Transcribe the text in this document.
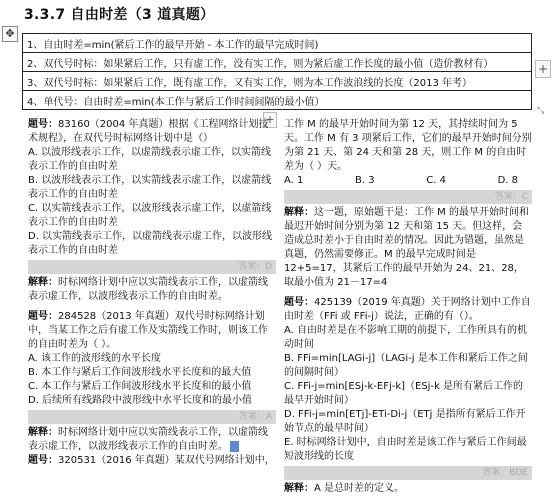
✥
3.3.7 自由时差（3 道真题）
1、自由时差=min(紧后工作的最早开始 - 本工作的最早完成时间)
2、双代号时标：如果紧后工作，只有虚工作，没有实工作，则为紧后虚工作长度的最小值（造价教材有）
3、双代号时标：如果紧后工作，既有虚工作，又有实工作，则为本工作波浪线的长度（2013 年考）
4、单代号：自由时差=min(本工作与紧后工作时间间隔的最小值）
+
+
⤡

题号：83160（2004 年真题）根据《工程网络计划技术规程》，在双代号时标网络计划中是（）

A. 以波形线表示工作，以虚箭线表示虚工作，以实箭线表示工作的自由时差

B. 以波形线表示工作，以实箭线表示虚工作，以虚箭线表示工作的自由时差

C. 以实箭线表示工作，以波形线表示虚工作，以虚箭线表示工作的自由时差

D. 以实箭线表示工作，以虚箭线表示虚工作，以波形线表示工作的自由时差

答案：D

解释：时标网络计划中应以实箭线表示工作，以虚箭线表示虚工作，以波形线表示工作的自由时差。

题号：284528（2013 年真题）双代号时标网络计划中，当某工作之后有虚工作及实箭线工作时，则该工作的自由时差为（ ）。

A. 该工作的波形线的水平长度

B. 本工作与紧后工作间波形线水平长度和的最大值

C. 本工作与紧后工作间波形线水平长度和的最小值

D. 后续所有线路段中波形线中水平长度和的最小值

答案：A

解释：时标网络计划中应以实箭线表示工作，以虚箭线表示虚工作，以波形线表示工作的自由时差。

题号：320531（2016 年真题）某双代号网络计划中，

工作 M 的最早开始时间为第 12 天，其持续时间为 5 天。工作 M 有 3 项紧后工作，它们的最早开始时间分别为第 21 天、第 24 天和第 28 天，则工作 M 的自由时差为（ ）天。

A. 1	B. 3	C. 4	D. 8
答案：C

解释：这一题，原始题干是：工作 M 的最早开始时间和最迟开始时间分别为第 12 天和第 15 天。但这样，会造成总时差小于自由时差的情况。因此为错题，虽然是真题，仍然需要修正。M 的最早完成时间是 12+5=17，其紧后工作的最早开始为 24、21、28，取最小值为 21－17=4

题号：425139（2019 年真题）关于网络计划中工作自由时差（FFi 或 FFi-j）说法，正确的有（）。

A. 自由时差是在不影响工期的前提下，工作所具有的机动时间

B. FFi=min[LAGi-j]（LAGi-j 是本工作和紧后工作之间的间隔时间）

C. FFi-j=min[ESj-k-EFj-k]（ESj-k 是所有紧后工作的最早开始时间）

D. FFi-j=min[ETj]-ETi-Di-j（ETj 是指所有紧后工作开始节点的最早时间）

E. 时标网络计划中，自由时差是该工作与紧后工作间最短波形线的长度

答案：BDE

解释：A 是总时差的定义。
